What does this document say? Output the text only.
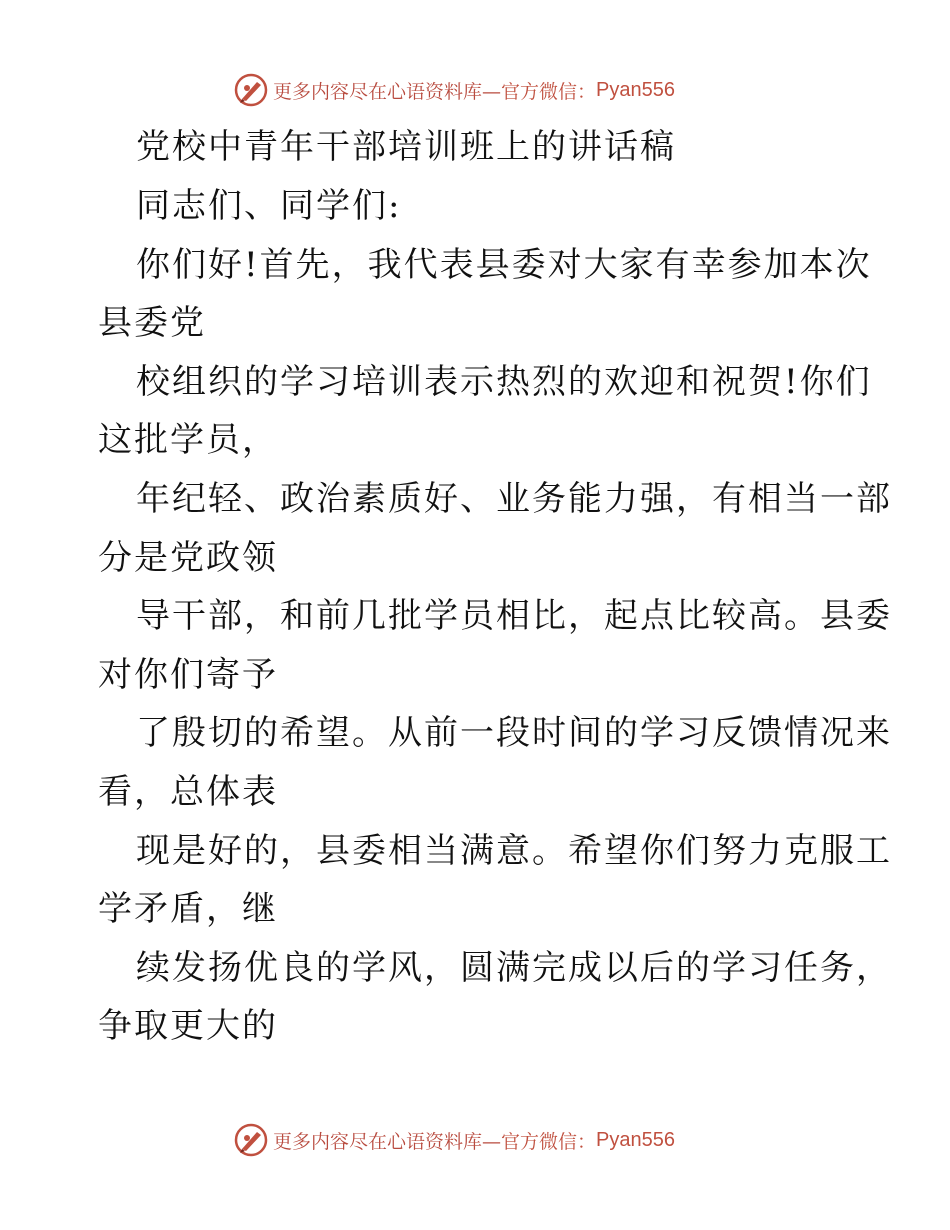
更多内容尽在心语资料库— 官方微信： Pyan556
党校中青年干部培训班上的讲话稿
同志们、同学们:
你们好!首先，我代表县委对大家有幸参加本次
县委党
校组织的学习培训表示热烈的欢迎和祝贺!你们
这批学员，
年纪轻、政治素质好、业务能力强，有相当一部
分是党政领
导干部，和前几批学员相比，起点比较高。县委
对你们寄予
了殷切的希望。从前一段时间的学习反馈情况来
看，总体表
现是好的，县委相当满意。希望你们努力克服工
学矛盾，继
续发扬优良的学风，圆满完成以后的学习任务，
争取更大的
更多内容尽在心语资料库— 官方微信： Pyan556
